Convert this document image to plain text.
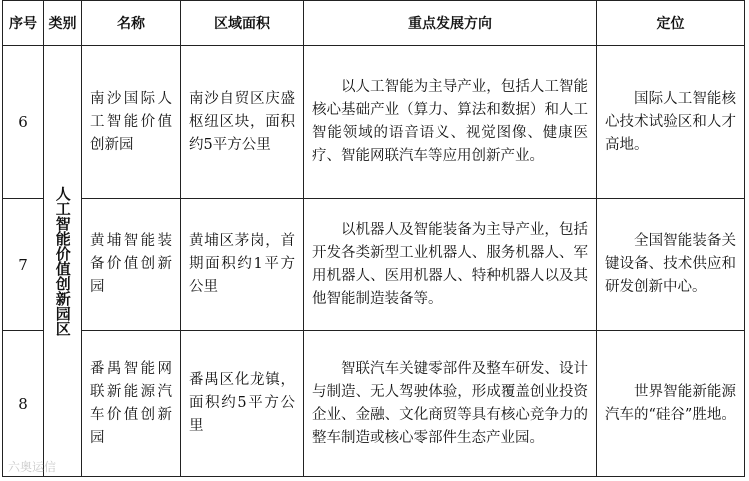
序号	类别	名称	区域面积	重点发展方向	定位
6	人工智能价值创新园区	南沙国际人工智能价值创新园	南沙自贸区庆盛枢纽区块，面积约5平方公里	以人工智能为主导产业，包括人工智能核心基础产业（算力、算法和数据）和人工智能领域的语音语义、视觉图像、健康医疗、智能网联汽车等应用创新产业。	国际人工智能核心技术试验区和人才高地。

7		黄埔智能装备价值创新园	黄埔区茅岗，首期面积约1平方公里	以机器人及智能装备为主导产业，包括开发各类新型工业机器人、服务机器人、军用机器人、医用机器人、特种机器人以及其他智能制造装备等。	全国智能装备关键设备、技术供应和研发创新中心。

8		番禺智能网联新能源汽车价值创新园	番禺区化龙镇，面积约5平方公里	智联汽车关键零部件及整车研发、设计与制造、无人驾驶体验，形成覆盖创业投资企业、金融、文化商贸等具有核心竞争力的整车制造或核心零部件生态产业园。	世界智能新能源汽车的“硅谷”胜地。
六奥运信
